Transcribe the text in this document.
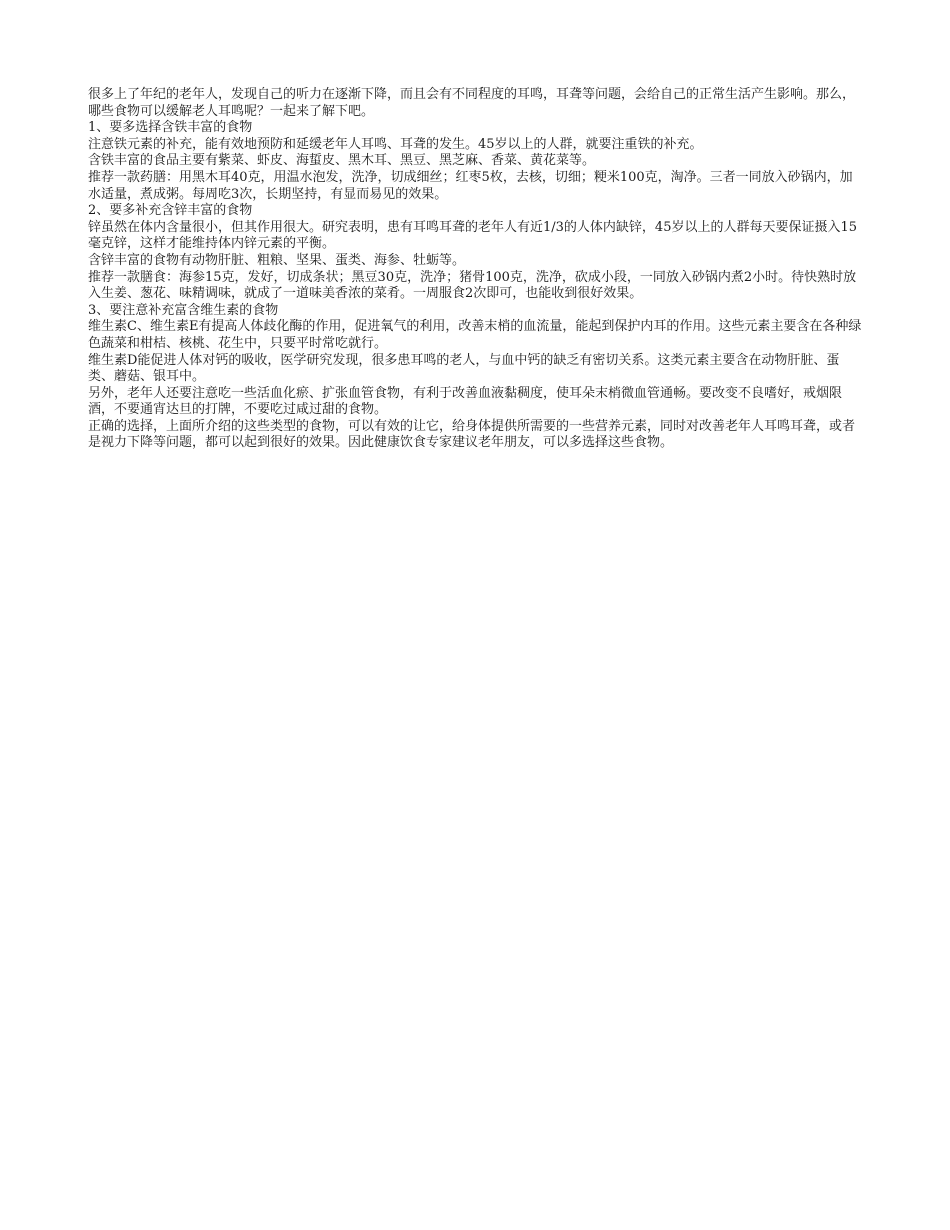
很多上了年纪的老年人，发现自己的听力在逐渐下降，而且会有不同程度的耳鸣，耳聋等问题，会给自己的正常生活产生影响。那么，哪些食物可以缓解老人耳鸣呢？一起来了解下吧。

1、要多选择含铁丰富的食物

注意铁元素的补充，能有效地预防和延缓老年人耳鸣、耳聋的发生。45岁以上的人群，就要注重铁的补充。

含铁丰富的食品主要有紫菜、虾皮、海蜇皮、黑木耳、黑豆、黑芝麻、香菜、黄花菜等。

推荐一款药膳：用黑木耳40克，用温水泡发，洗净，切成细丝；红枣5枚，去核，切细；粳米100克，淘净。三者一同放入砂锅内，加水适量，煮成粥。每周吃3次，长期坚持，有显而易见的效果。

2、要多补充含锌丰富的食物

锌虽然在体内含量很小，但其作用很大。研究表明，患有耳鸣耳聋的老年人有近1/3的人体内缺锌，45岁以上的人群每天要保证摄入15毫克锌，这样才能维持体内锌元素的平衡。

含锌丰富的食物有动物肝脏、粗粮、坚果、蛋类、海参、牡蛎等。

推荐一款膳食：海参15克，发好，切成条状；黑豆30克，洗净；猪骨100克，洗净，砍成小段，一同放入砂锅内煮2小时。待快熟时放入生姜、葱花、味精调味，就成了一道味美香浓的菜肴。一周服食2次即可，也能收到很好效果。

3、要注意补充富含维生素的食物

维生素C、维生素E有提高人体歧化酶的作用，促进氧气的利用，改善末梢的血流量，能起到保护内耳的作用。这些元素主要含在各种绿色蔬菜和柑桔、核桃、花生中，只要平时常吃就行。

维生素D能促进人体对钙的吸收，医学研究发现，很多患耳鸣的老人，与血中钙的缺乏有密切关系。这类元素主要含在动物肝脏、蛋类、蘑菇、银耳中。

另外，老年人还要注意吃一些活血化瘀、扩张血管食物，有利于改善血液黏稠度，使耳朵末梢微血管通畅。要改变不良嗜好，戒烟限酒，不要通宵达旦的打牌，不要吃过咸过甜的食物。

正确的选择，上面所介绍的这些类型的食物，可以有效的让它，给身体提供所需要的一些营养元素，同时对改善老年人耳鸣耳聋，或者是视力下降等问题，都可以起到很好的效果。因此健康饮食专家建议老年朋友，可以多选择这些食物。
